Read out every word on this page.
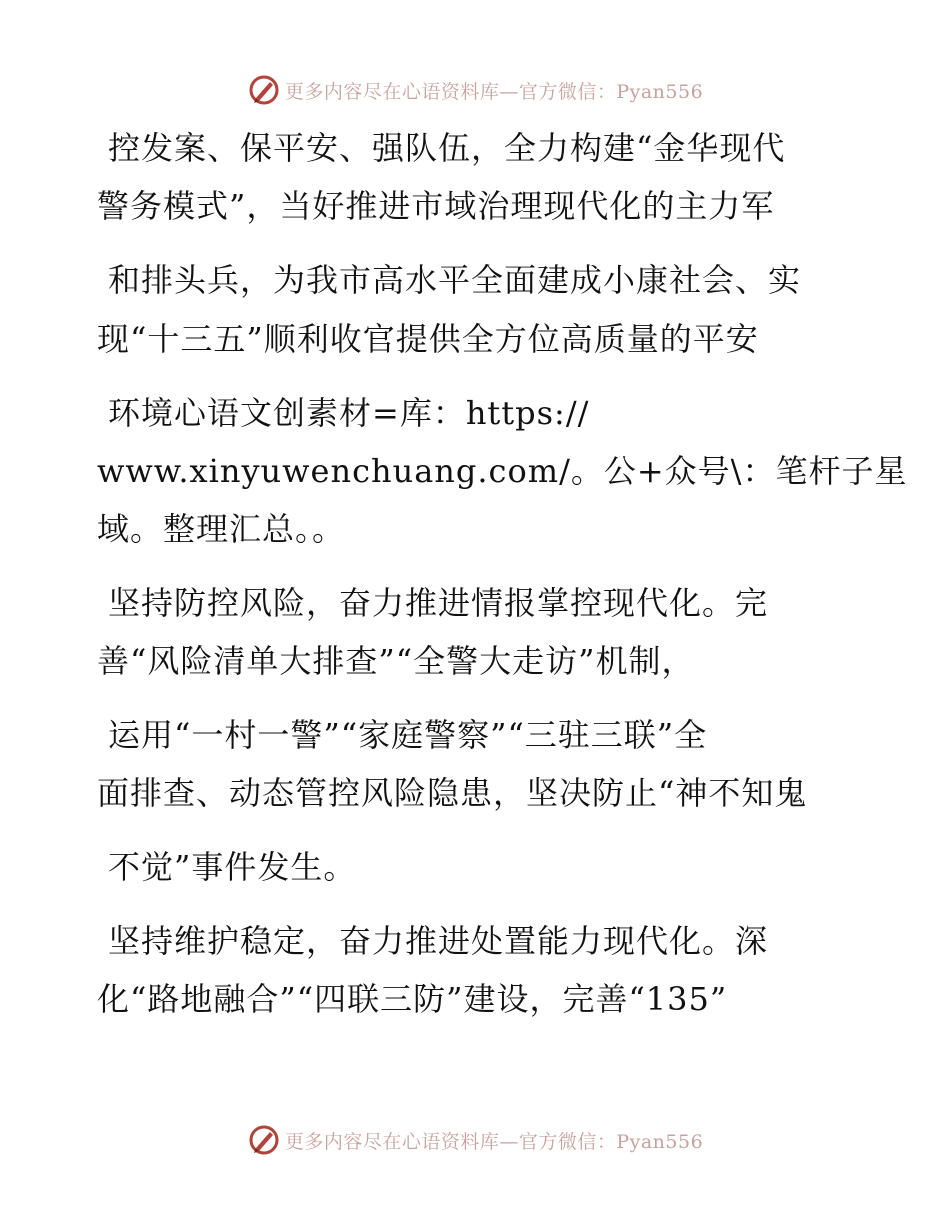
更多内容尽在心语资料库—官方微信：Pyan556
控发案、保平安、强队伍，全力构建“金华现代
警务模式”，当好推进市域治理现代化的主力军
和排头兵，为我市高水平全面建成小康社会、实
现“十三五”顺利收官提供全方位高质量的平安
环境心语文创素材=库：https://
www.xinyuwenchuang.com/。公+众号\：笔杆子星
域。整理汇总。。
坚持防控风险，奋力推进情报掌控现代化。完
善“风险清单大排查”“全警大走访”机制，
运用“一村一警”“家庭警察”“三驻三联”全
面排查、动态管控风险隐患，坚决防止“神不知鬼
不觉”事件发生。
坚持维护稳定，奋力推进处置能力现代化。深
化“路地融合”“四联三防”建设，完善“135”
更多内容尽在心语资料库—官方微信：Pyan556
